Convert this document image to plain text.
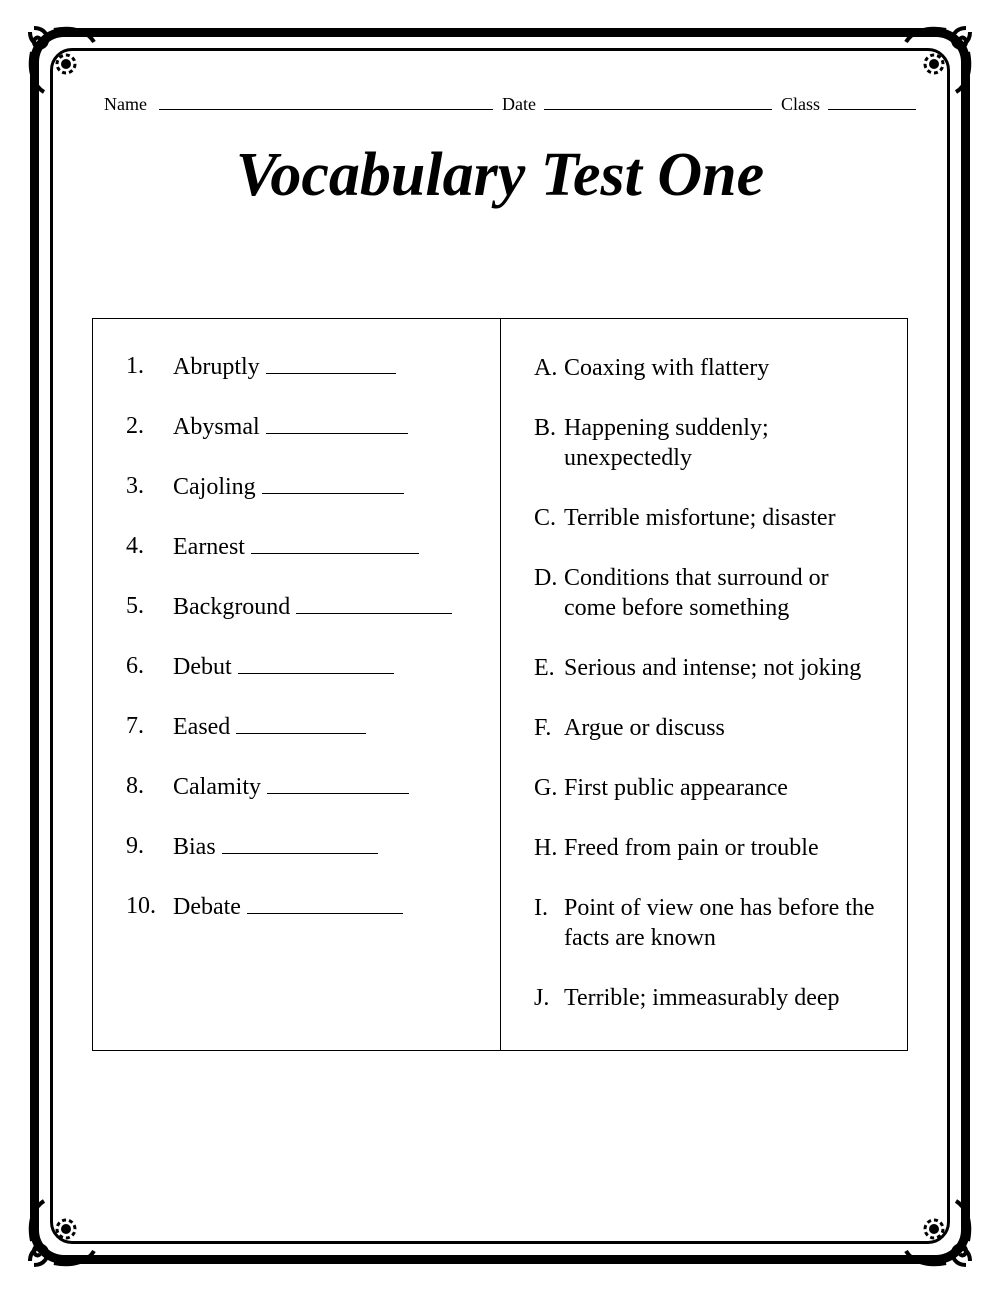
Name	Date	Class
Vocabulary Test One
1. Abruptly
2. Abysmal
3. Cajoling
4. Earnest
5. Background
6. Debut
7. Eased
8. Calamity
9. Bias
10. Debate
A. Coaxing with flattery
B. Happening suddenly; unexpectedly
C. Terrible misfortune; disaster
D. Conditions that surround or come before something
E. Serious and intense; not joking
F. Argue or discuss
G. First public appearance
H. Freed from pain or trouble
I. Point of view one has before the facts are known
J. Terrible; immeasurably deep
